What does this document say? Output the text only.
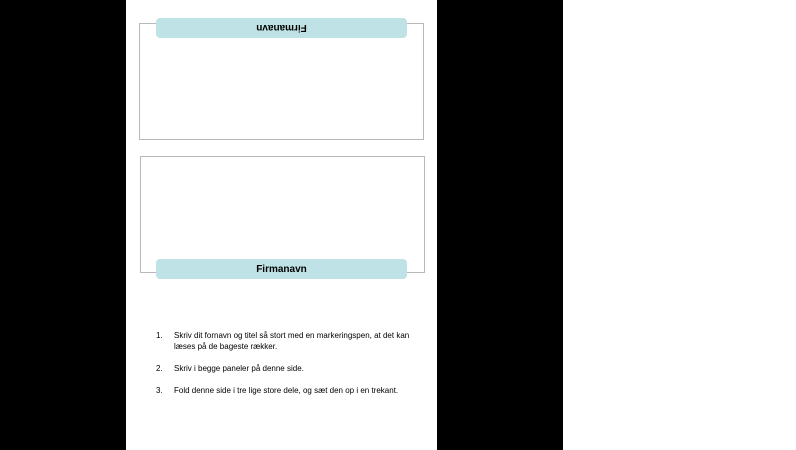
Firmanavn
Firmanavn
1.	Skriv dit fornavn og titel så stort med en markeringspen, at det kan læses på de bageste rækker.
2.	Skriv i begge paneler på denne side.
3.	Fold denne side i tre lige store dele, og sæt den op i en trekant.
